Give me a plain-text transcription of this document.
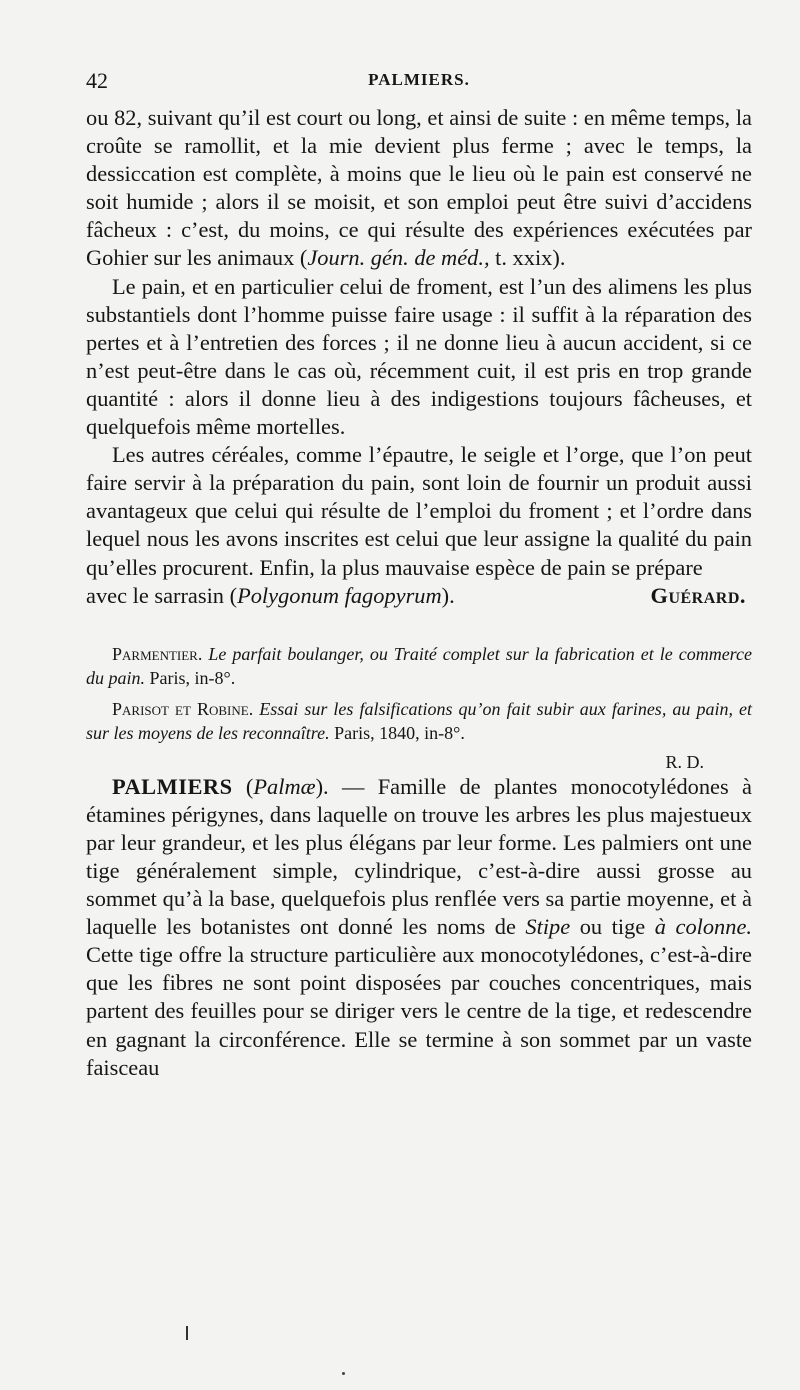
42	PALMIERS.

ou 82, suivant qu’il est court ou long, et ainsi de suite : en même temps, la croûte se ramollit, et la mie devient plus ferme ; avec le temps, la dessiccation est complète, à moins que le lieu où le pain est conservé ne soit humide ; alors il se moisit, et son emploi peut être suivi d’accidens fâcheux : c’est, du moins, ce qui résulte des expériences exécutées par Gohier sur les animaux (Journ. gén. de méd., t. xxix).

Le pain, et en particulier celui de froment, est l’un des alimens les plus substantiels dont l’homme puisse faire usage : il suffit à la réparation des pertes et à l’entretien des forces ; il ne donne lieu à aucun accident, si ce n’est peut-être dans le cas où, récemment cuit, il est pris en trop grande quantité : alors il donne lieu à des indigestions toujours fâcheuses, et quelquefois même mortelles.

Les autres céréales, comme l’épautre, le seigle et l’orge, que l’on peut faire servir à la préparation du pain, sont loin de fournir un produit aussi avantageux que celui qui résulte de l’emploi du froment ; et l’ordre dans lequel nous les avons inscrites est celui que leur assigne la qualité du pain qu’elles procurent. Enfin, la plus mauvaise espèce de pain se prépare

avec le sarrasin (Polygonum fagopyrum).	Guérard.

Parmentier. Le parfait boulanger, ou Traité complet sur la fabrication et le commerce du pain. Paris, in-8°.

Parisot et Robine. Essai sur les falsifications qu’on fait subir aux farines, au pain, et sur les moyens de les reconnaître. Paris, 1840, in-8°.

R. D.

PALMIERS (Palmæ). — Famille de plantes monocotylédones à étamines périgynes, dans laquelle on trouve les arbres les plus majestueux par leur grandeur, et les plus élégans par leur forme. Les palmiers ont une tige généralement simple, cylindrique, c’est-à-dire aussi grosse au sommet qu’à la base, quelquefois plus renflée vers sa partie moyenne, et à laquelle les botanistes ont donné les noms de Stipe ou tige à colonne. Cette tige offre la structure particulière aux monocotylédones, c’est-à-dire que les fibres ne sont point disposées par couches concentriques, mais partent des feuilles pour se diriger vers le centre de la tige, et redescendre en gagnant la circonférence. Elle se termine à son sommet par un vaste faisceau
